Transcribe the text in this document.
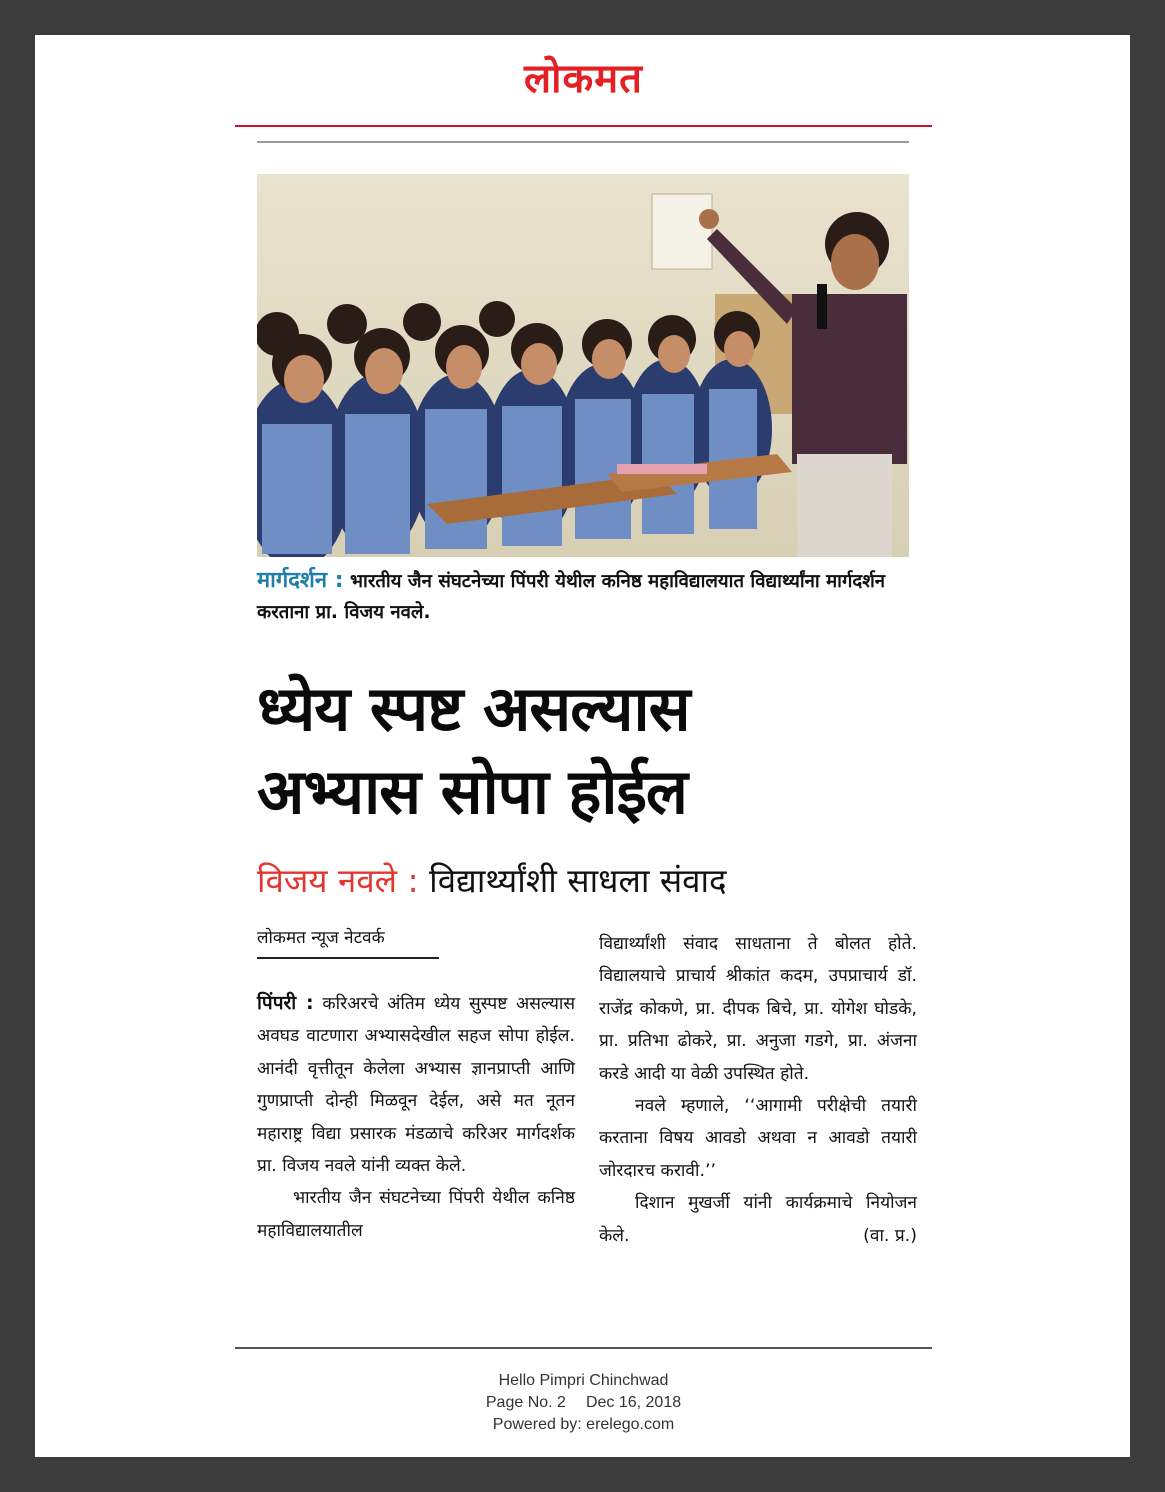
लोकमत
मार्गदर्शन : भारतीय जैन संघटनेच्या पिंपरी येथील कनिष्ठ महाविद्यालयात विद्यार्थ्यांना मार्गदर्शन करताना प्रा. विजय नवले.
ध्येय स्पष्ट असल्यास
अभ्यास सोपा होईल
विजय नवले : विद्यार्थ्यांशी साधला संवाद
लोकमत न्यूज नेटवर्क

पिंपरी : करिअरचे अंतिम ध्येय सुस्पष्ट असल्यास अवघड वाटणारा अभ्यासदेखील सहज सोपा होईल. आनंदी वृत्तीतून केलेला अभ्यास ज्ञानप्राप्ती आणि गुणप्राप्ती दोन्ही मिळवून देईल, असे मत नूतन महाराष्ट्र विद्या प्रसारक मंडळाचे करिअर मार्गदर्शक प्रा. विजय नवले यांनी व्यक्त केले.

भारतीय जैन संघटनेच्या पिंपरी येथील कनिष्ठ महाविद्यालयातील

विद्यार्थ्यांशी संवाद साधताना ते बोलत होते. विद्यालयाचे प्राचार्य श्रीकांत कदम, उपप्राचार्य डॉ. राजेंद्र कोकणे, प्रा. दीपक बिचे, प्रा. योगेश घोडके, प्रा. प्रतिभा ढोकरे, प्रा. अनुजा गडगे, प्रा. अंजना करडे आदी या वेळी उपस्थित होते.

नवले म्हणाले, ‘‘आगामी परीक्षेची तयारी करताना विषय आवडो अथवा न आवडो तयारी जोरदारच करावी.’’

दिशान मुखर्जी यांनी कार्यक्रमाचे नियोजन केले.	(वा. प्र.)

Hello Pimpri Chinchwad
Page No. 2 Dec 16, 2018
Powered by: erelego.com
